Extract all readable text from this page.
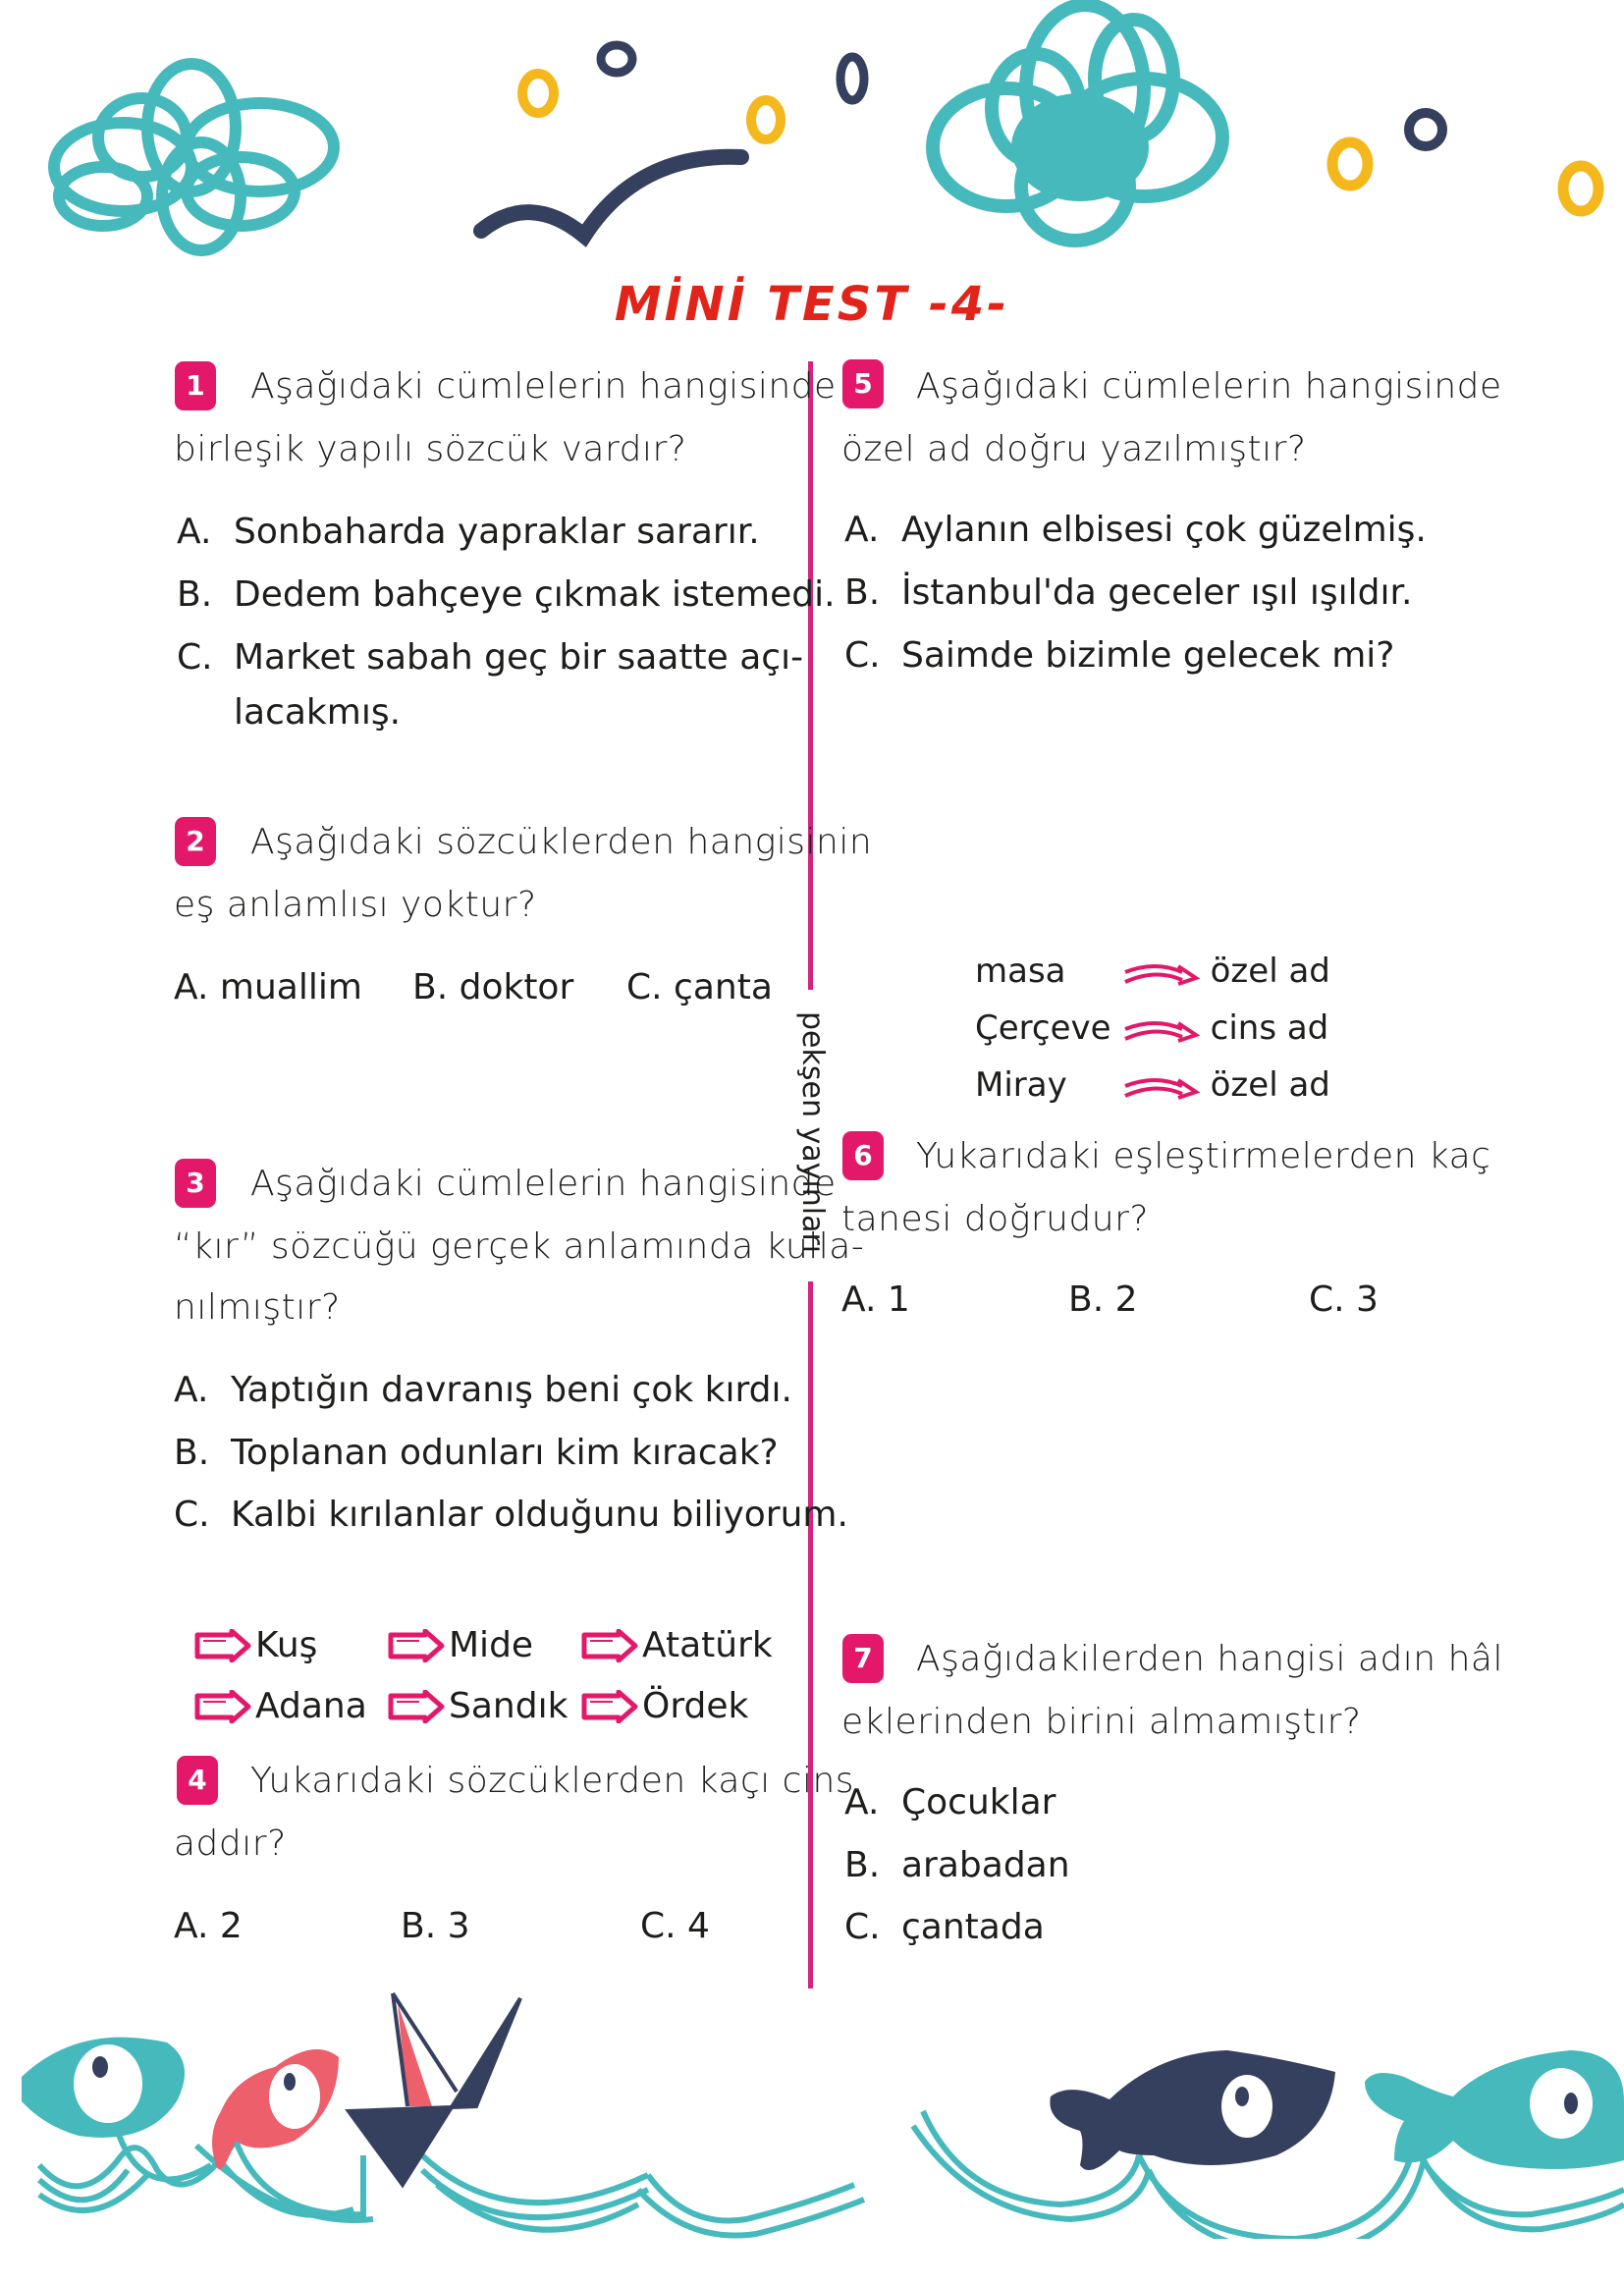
MİNİ TEST -4-
pekşen yayınları
1	Aşağıdaki cümlelerin hangisinde
birleşik yapılı sözcük vardır?
A. Sonbaharda yapraklar sararır.
B. Dedem bahçeye çıkmak istemedi.
C. Market sabah geç bir saatte açı-
lacakmış.
2	Aşağıdaki sözcüklerden hangisinin
eş anlamlısı yoktur?
A. muallim B. doktor C. çanta
3	Aşağıdaki cümlelerin hangisinde
“kır” sözcüğü gerçek anlamında kulla-
nılmıştır?
A. Yaptığın davranış beni çok kırdı.
B. Toplanan odunları kim kıracak?
C. Kalbi kırılanlar olduğunu biliyorum.
Kuş	Mide	Atatürk
Adana Sandık Ördek
4	Yukarıdaki sözcüklerden kaçı cins
addır?
A. 2	B. 3	C. 4
5	Aşağıdaki cümlelerin hangisinde
özel ad doğru yazılmıştır?
A. Aylanın elbisesi çok güzelmiş.
B. İstanbul'da geceler ışıl ışıldır.
C. Saimde bizimle gelecek mi?
masa	özel ad
Çerçeve	cins ad
Miray	özel ad
6	Yukarıdaki eşleştirmelerden kaç
tanesi doğrudur?
A. 1	B. 2	C. 3
7	Aşağıdakilerden hangisi adın hâl
eklerinden birini almamıştır?
A. Çocuklar
B. arabadan
C. çantada
